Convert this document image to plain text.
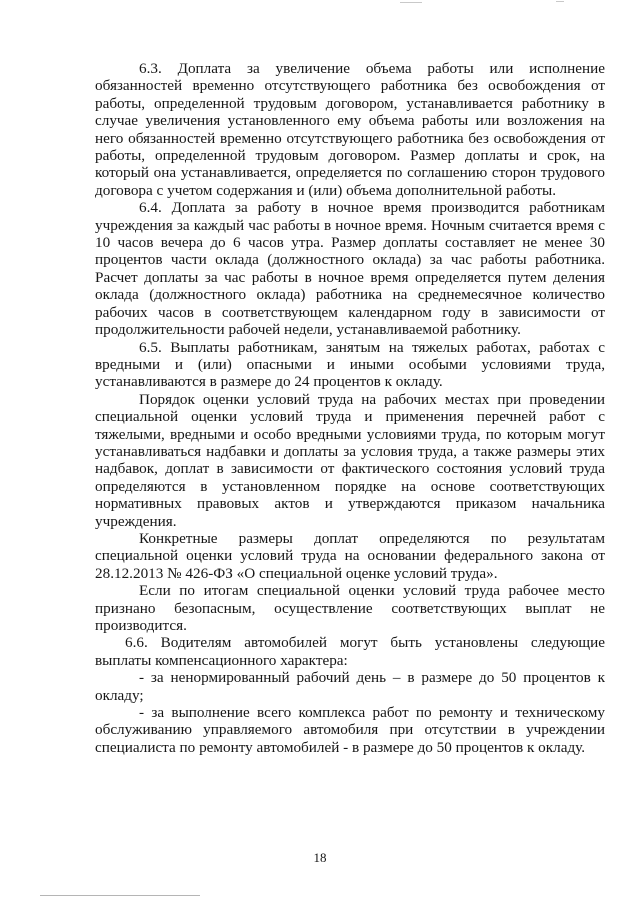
6.3. Доплата за увеличение объема работы или исполнение обязанностей временно отсутствующего работника без освобождения от работы, определенной трудовым договором, устанавливается работнику в случае увеличения установленного ему объема работы или возложения на него обязанностей временно отсутствующего работника без освобождения от работы, определенной трудовым договором. Размер доплаты и срок, на который она устанавливается, определяется по соглашению сторон трудового договора с учетом содержания и (или) объема дополнительной работы.

6.4. Доплата за работу в ночное время производится работникам учреждения за каждый час работы в ночное время. Ночным считается время с 10 часов вечера до 6 часов утра. Размер доплаты составляет не менее 30 процентов части оклада (должностного оклада) за час работы работника. Расчет доплаты за час работы в ночное время определяется путем деления оклада (должностного оклада) работника на среднемесячное количество рабочих часов в соответствующем календарном году в зависимости от продолжительности рабочей недели, устанавливаемой работнику.

6.5. Выплаты работникам, занятым на тяжелых работах, работах с вредными и (или) опасными и иными особыми условиями труда, устанавливаются в размере до 24 процентов к окладу.

Порядок оценки условий труда на рабочих местах при проведении специальной оценки условий труда и применения перечней работ с тяжелыми, вредными и особо вредными условиями труда, по которым могут устанавливаться надбавки и доплаты за условия труда, а также размеры этих надбавок, доплат в зависимости от фактического состояния условий труда определяются в установленном порядке на основе соответствующих нормативных правовых актов и утверждаются приказом начальника учреждения.

Конкретные размеры доплат определяются по результатам специальной оценки условий труда на основании федерального закона от 28.12.2013 № 426-ФЗ «О специальной оценке условий труда».

Если по итогам специальной оценки условий труда рабочее место признано безопасным, осуществление соответствующих выплат не производится.

6.6. Водителям автомобилей могут быть установлены следующие выплаты компенсационного характера:

- за ненормированный рабочий день – в размере до 50 процентов к окладу;

- за выполнение всего комплекса работ по ремонту и техническому обслуживанию управляемого автомобиля при отсутствии в учреждении специалиста по ремонту автомобилей - в размере до 50 процентов к окладу.

18
